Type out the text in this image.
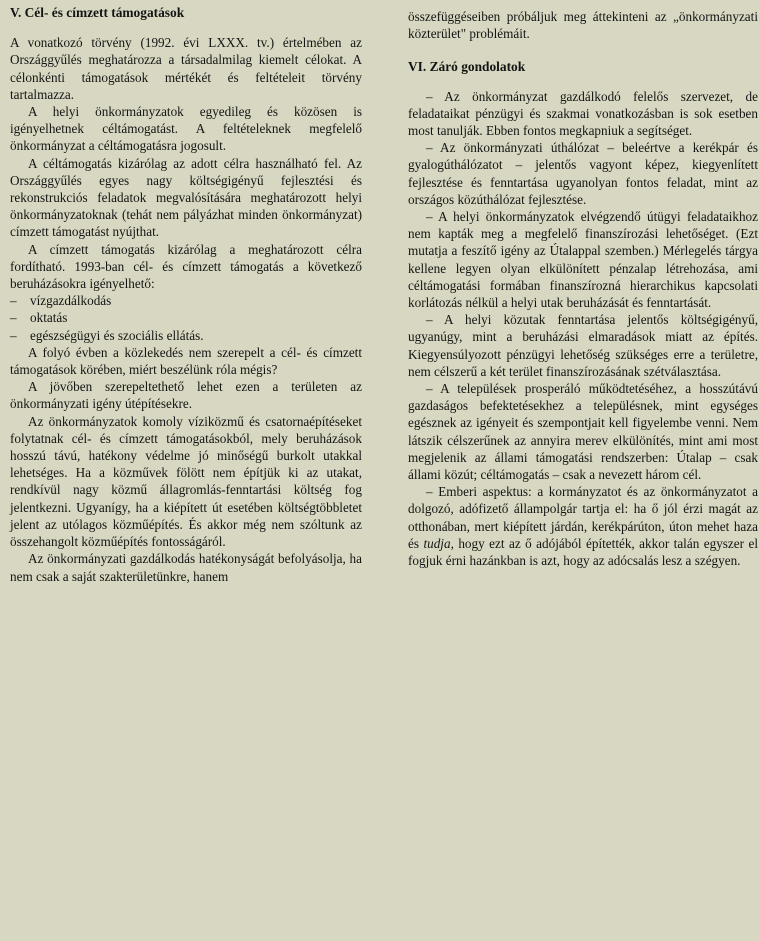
V. Cél- és címzett támogatások

A vonatkozó törvény (1992. évi LXXX. tv.) értelmében az Országgyűlés meghatározza a társadalmilag kiemelt célokat. A célonkénti támogatások mértékét és feltételeit törvény tartalmazza.

A helyi önkormányzatok egyedileg és közösen is igényelhetnek céltámogatást. A feltételeknek megfelelő önkormányzat a céltámogatásra jogosult.

A céltámogatás kizárólag az adott célra használható fel. Az Országgyűlés egyes nagy költségigényű fejlesztési és rekonstrukciós feladatok megvalósítására meghatározott helyi önkormányzatoknak (tehát nem pályázhat minden önkormányzat) címzett támogatást nyújthat.

A címzett támogatás kizárólag a meghatározott célra fordítható. 1993-ban cél- és címzett támogatás a következő beruházásokra igényelhető:

– vízgazdálkodás
– oktatás
– egészségügyi és szociális ellátás.

A folyó évben a közlekedés nem szerepelt a cél- és címzett támogatások körében, miért beszélünk róla mégis?

A jövőben szerepeltethető lehet ezen a területen az önkormányzati igény útépítésekre.

Az önkormányzatok komoly víziközmű és csatornaépítéseket folytatnak cél- és címzett támogatásokból, mely beruházások hosszú távú, hatékony védelme jó minőségű burkolt utakkal lehetséges. Ha a közművek fölött nem építjük ki az utakat, rendkívül nagy közmű állagromlás-fenntartási költség fog jelentkezni. Ugyanígy, ha a kiépített út esetében költségtöbbletet jelent az utólagos közműépítés. És akkor még nem szóltunk az összehangolt közműépítés fontosságáról.

Az önkormányzati gazdálkodás hatékonyságát befolyásolja, ha nem csak a saját szakterületünkre, hanem

összefüggéseiben próbáljuk meg áttekinteni az „önkormányzati közterület" problémáit.

VI. Záró gondolatok

– Az önkormányzat gazdálkodó felelős szervezet, de feladataikat pénzügyi és szakmai vonatkozásban is sok esetben most tanulják. Ebben fontos megkapniuk a segítséget.

– Az önkormányzati úthálózat – beleértve a kerékpár és gyalogúthálózatot – jelentős vagyont képez, kiegyenlített fejlesztése és fenntartása ugyanolyan fontos feladat, mint az országos közúthálózat fejlesztése.

– A helyi önkormányzatok elvégzendő útügyi feladataikhoz nem kapták meg a megfelelő finanszírozási lehetőséget. (Ezt mutatja a feszítő igény az Útalappal szemben.) Mérlegelés tárgya kellene legyen olyan elkülönített pénzalap létrehozása, ami céltámogatási formában finanszírozná hierarchikus kapcsolati korlátozás nélkül a helyi utak beruházását és fenntartását.

– A helyi közutak fenntartása jelentős költségigényű, ugyanúgy, mint a beruházási elmaradások miatt az építés. Kiegyensúlyozott pénzügyi lehetőség szükséges erre a területre, nem célszerű a két terület finanszírozásának szétválasztása.

– A települések prosperáló működtetéséhez, a hosszútávú gazdaságos befektetésekhez a településnek, mint egységes egésznek az igényeit és szempontjait kell figyelembe venni. Nem látszik célszerűnek az annyira merev elkülönítés, mint ami most megjelenik az állami támogatási rendszerben: Útalap – csak állami közút; céltámogatás – csak a nevezett három cél.

– Emberi aspektus: a kormányzatot és az önkormányzatot a dolgozó, adófizető állampolgár tartja el: ha ő jól érzi magát az otthonában, mert kiépített járdán, kerékpárúton, úton mehet haza és tudja, hogy ezt az ő adójából építették, akkor talán egyszer el fogjuk érni hazánkban is azt, hogy az adócsalás lesz a szégyen.
